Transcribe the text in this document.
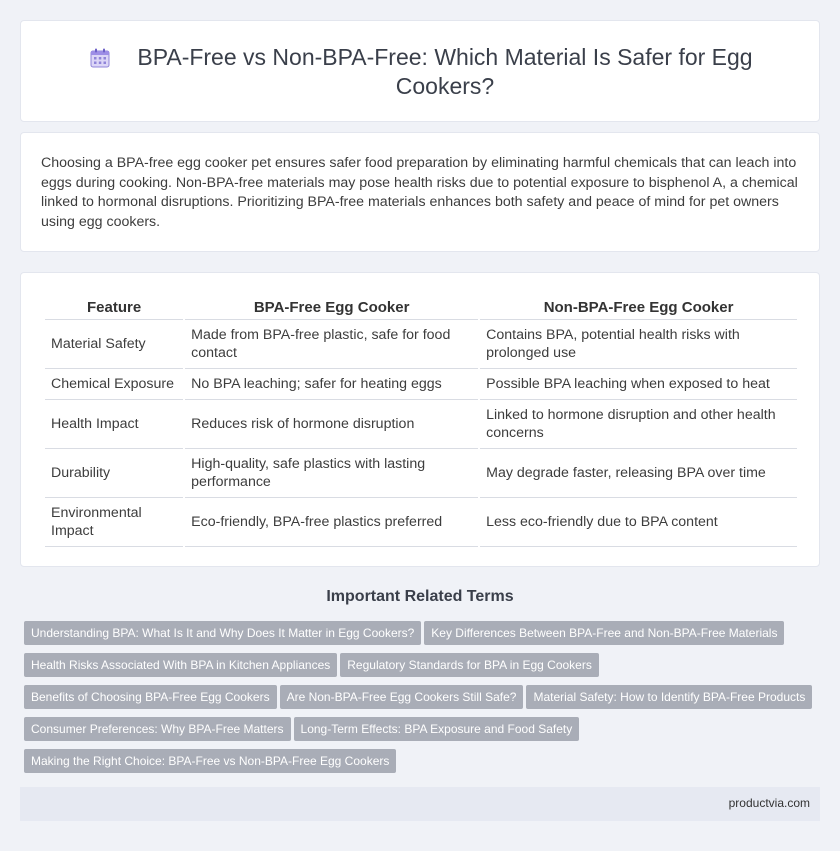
BPA-Free vs Non-BPA-Free: Which Material Is Safer for Egg Cookers?

Choosing a BPA-free egg cooker pet ensures safer food preparation by eliminating harmful chemicals that can leach into eggs during cooking. Non-BPA-free materials may pose health risks due to potential exposure to bisphenol A, a chemical linked to hormonal disruptions. Prioritizing BPA-free materials enhances both safety and peace of mind for pet owners using egg cookers.

Feature	BPA-Free Egg Cooker	Non-BPA-Free Egg Cooker
Material Safety	Made from BPA-free plastic, safe for food contact	Contains BPA, potential health risks with prolonged use
Chemical Exposure	No BPA leaching; safer for heating eggs	Possible BPA leaching when exposed to heat
Health Impact	Reduces risk of hormone disruption	Linked to hormone disruption and other health concerns
Durability	High-quality, safe plastics with lasting performance	May degrade faster, releasing BPA over time
Environmental Impact	Eco-friendly, BPA-free plastics preferred	Less eco-friendly due to BPA content
Important Related Terms
Understanding BPA: What Is It and Why Does It Matter in Egg Cookers? Key Differences Between BPA-Free and Non-BPA-Free Materials
Health Risks Associated With BPA in Kitchen Appliances Regulatory Standards for BPA in Egg Cookers
Benefits of Choosing BPA-Free Egg Cookers Are Non-BPA-Free Egg Cookers Still Safe? Material Safety: How to Identify BPA-Free Products
Consumer Preferences: Why BPA-Free Matters Long-Term Effects: BPA Exposure and Food Safety
Making the Right Choice: BPA-Free vs Non-BPA-Free Egg Cookers
productvia.com
